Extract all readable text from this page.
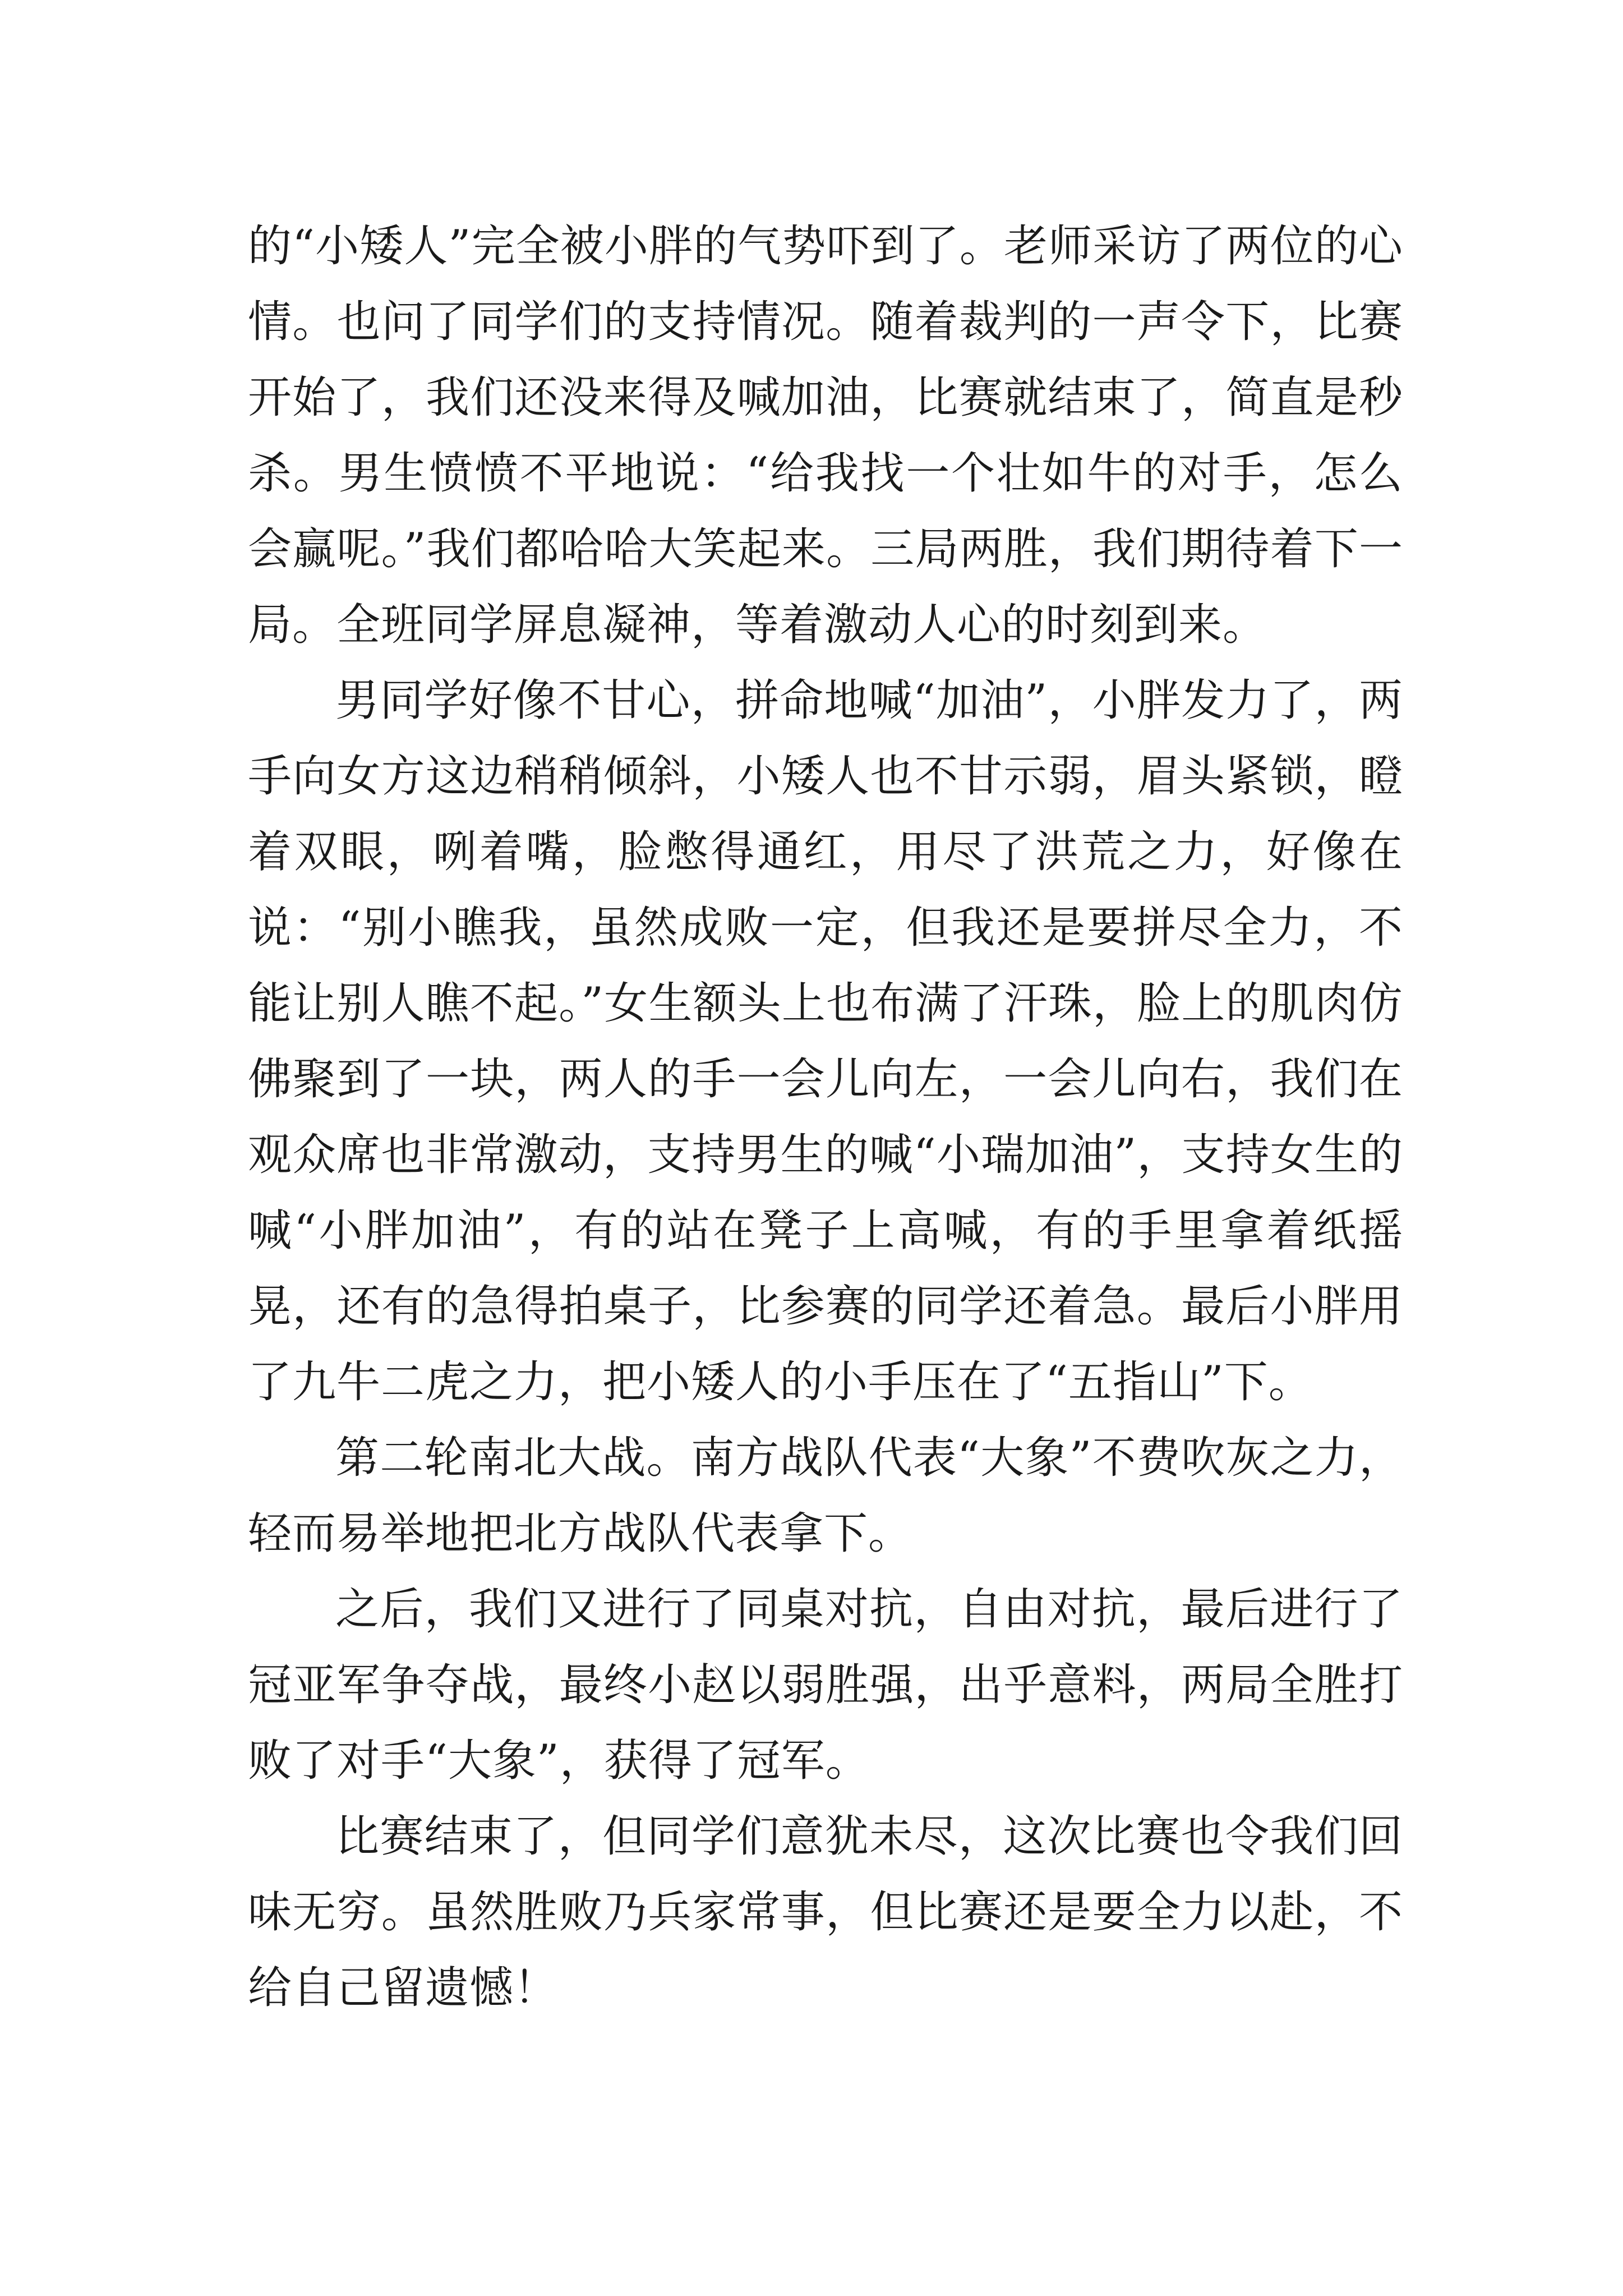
的“小矮人”完全被小胖的气势吓到了。老师采访了两位的心情。也问了同学们的支持情况。随着裁判的一声令下，比赛开始了，我们还没来得及喊加油，比赛就结束了，简直是秒杀。男生愤愤不平地说：“给我找一个壮如牛的对手，怎么会赢呢。”我们都哈哈大笑起来。三局两胜，我们期待着下一局。全班同学屏息凝神，等着激动人心的时刻到来。

男同学好像不甘心，拼命地喊“加油”，小胖发力了，两手向女方这边稍稍倾斜，小矮人也不甘示弱，眉头紧锁，瞪着双眼，咧着嘴，脸憋得通红，用尽了洪荒之力，好像在说：“别小瞧我，虽然成败一定，但我还是要拼尽全力，不能让别人瞧不起。”女生额头上也布满了汗珠，脸上的肌肉仿佛聚到了一块，两人的手一会儿向左，一会儿向右，我们在观众席也非常激动，支持男生的喊“小瑞加油”，支持女生的喊“小胖加油”，有的站在凳子上高喊，有的手里拿着纸摇晃，还有的急得拍桌子，比参赛的同学还着急。最后小胖用了九牛二虎之力，把小矮人的小手压在了“五指山”下。

第二轮南北大战。南方战队代表“大象”不费吹灰之力，轻而易举地把北方战队代表拿下。

之后，我们又进行了同桌对抗，自由对抗，最后进行了冠亚军争夺战，最终小赵以弱胜强，出乎意料，两局全胜打败了对手“大象”，获得了冠军。

比赛结束了，但同学们意犹未尽，这次比赛也令我们回味无穷。虽然胜败乃兵家常事，但比赛还是要全力以赴，不给自己留遗憾！
